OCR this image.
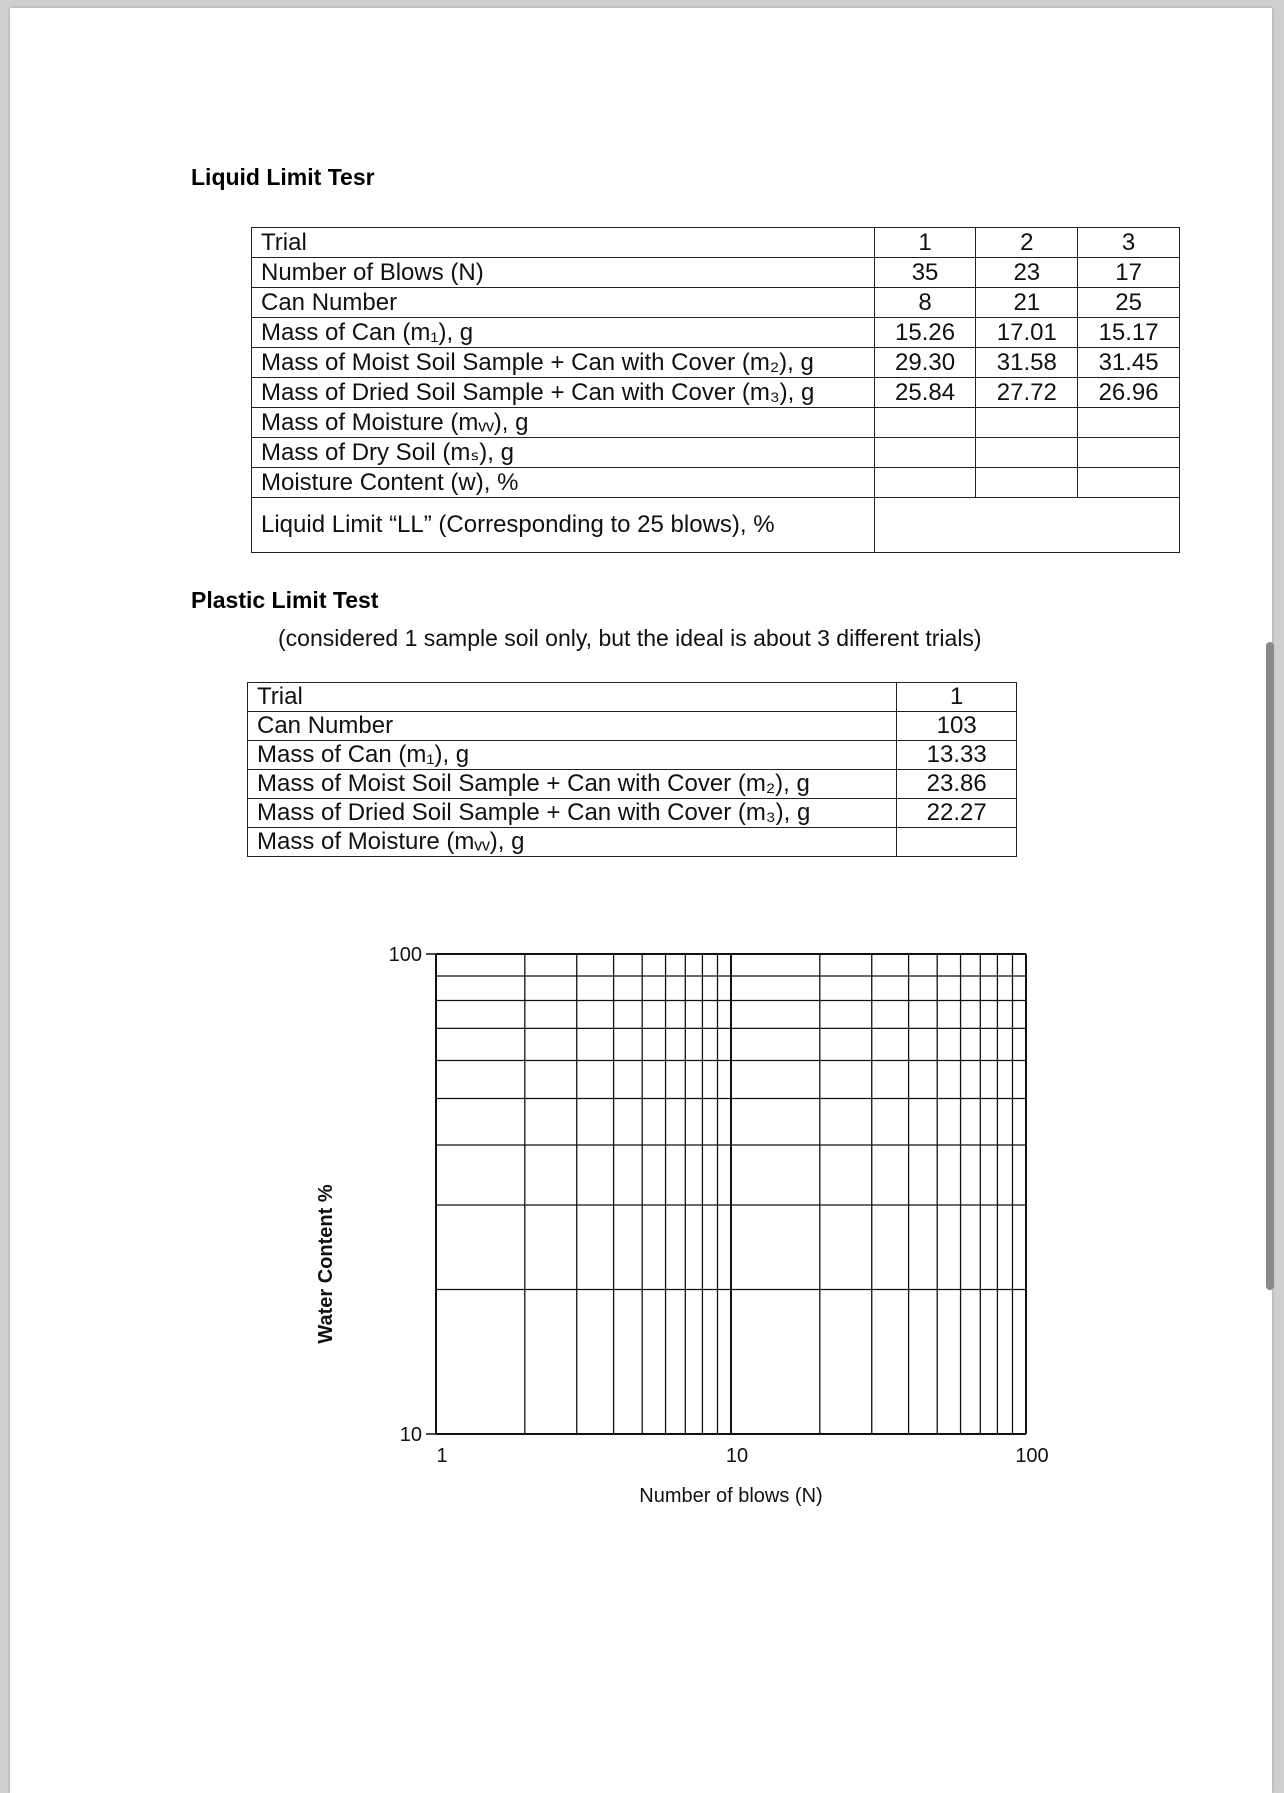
Liquid Limit Tesr
Trial	1	2	3
Number of Blows (N)	35	23	17
Can Number	8	21	25
Mass of Can (m₁), g	15.26	17.01	15.17
Mass of Moist Soil Sample + Can with Cover (m₂), g	29.30	31.58	31.45
Mass of Dried Soil Sample + Can with Cover (m₃), g	25.84	27.72	26.96
Mass of Moisture (mᵥᵥ), g			
Mass of Dry Soil (mₛ), g			
Moisture Content (w), %			
Liquid Limit “LL” (Corresponding to 25 blows), %			
Plastic Limit Test
(considered 1 sample soil only, but the ideal is about 3 different trials)
Trial	1
Can Number	103
Mass of Can (m₁), g	13.33
Mass of Moist Soil Sample + Can with Cover (m₂), g	23.86
Mass of Dried Soil Sample + Can with Cover (m₃), g	22.27
Mass of Moisture (mᵥᵥ), g	
10
100
1	10	100
Number of blows (N)
Water Content %
